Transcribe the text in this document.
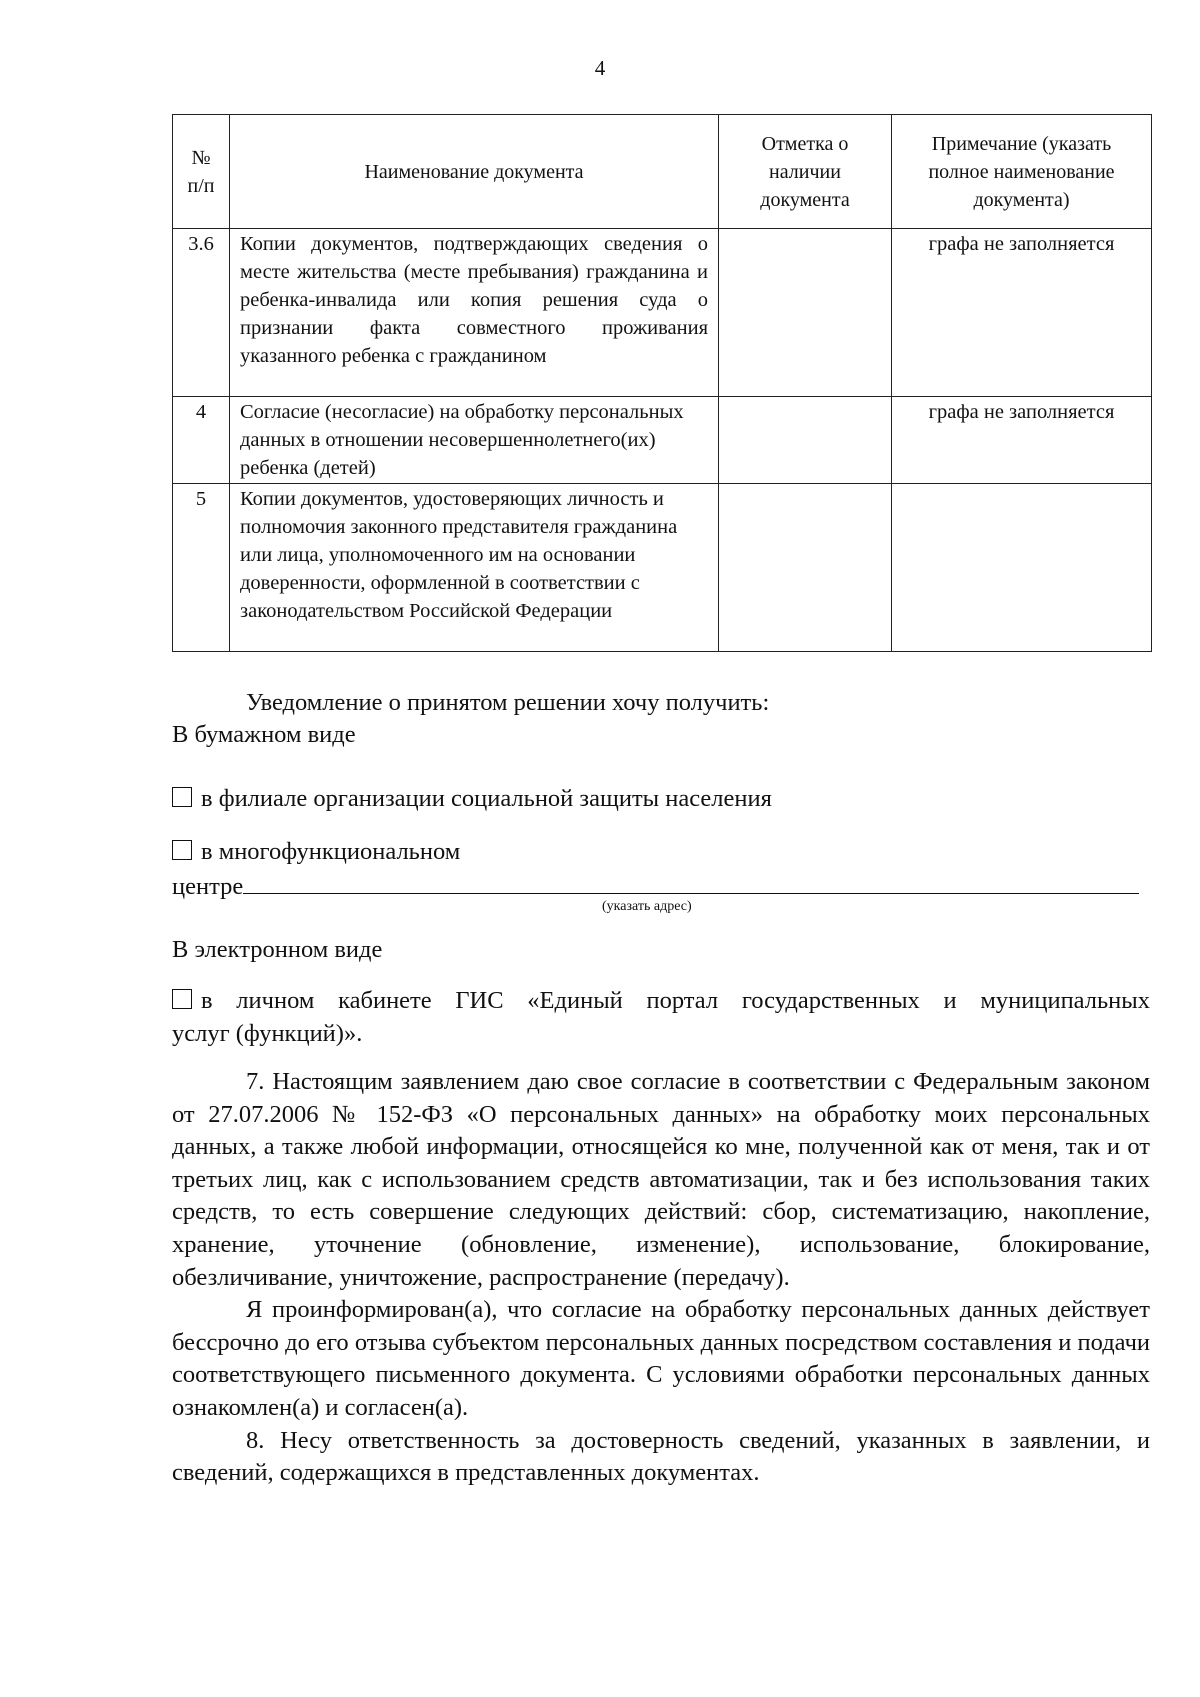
4
№ п/п	Наименование документа	Отметка о наличии документа	Примечание (указать полное наименование документа)
3.6	Копии документов, подтверждающих сведения о месте жительства (месте пребывания) гражданина и ребенка-инвалида или копия решения суда о признании факта совместного проживания указанного ребенка с гражданином		графа не заполняется
4	Согласие (несогласие) на обработку персональных данных в отношении несовершеннолетнего(их) ребенка (детей)		графа не заполняется
5	Копии документов, удостоверяющих личность и полномочия законного представителя гражданина или лица, уполномоченного им на основании доверенности, оформленной в соответствии с законодательством Российской Федерации		
Уведомление о принятом решении хочу получить:
В бумажном виде
в филиале организации социальной защиты населения
в многофункциональном
центре
(указать адрес)
В электронном виде
в личном кабинете ГИС «Единый портал государственных и муниципальных
услуг (функций)».

7. Настоящим заявлением даю свое согласие в соответствии с Федеральным законом от 27.07.2006 № 152-ФЗ «О персональных данных» на обработку моих персональных данных, а также любой информации, относящейся ко мне, полученной как от меня, так и от третьих лиц, как с использованием средств автоматизации, так и без использования таких средств, то есть совершение следующих действий: сбор, систематизацию, накопление, хранение, уточнение (обновление, изменение), использование, блокирование, обезличивание, уничтожение, распространение (передачу).

Я проинформирован(а), что согласие на обработку персональных данных действует бессрочно до его отзыва субъектом персональных данных посредством составления и подачи соответствующего письменного документа. С условиями обработки персональных данных ознакомлен(а) и согласен(а).

8. Несу ответственность за достоверность сведений, указанных в заявлении, и сведений, содержащихся в представленных документах.
